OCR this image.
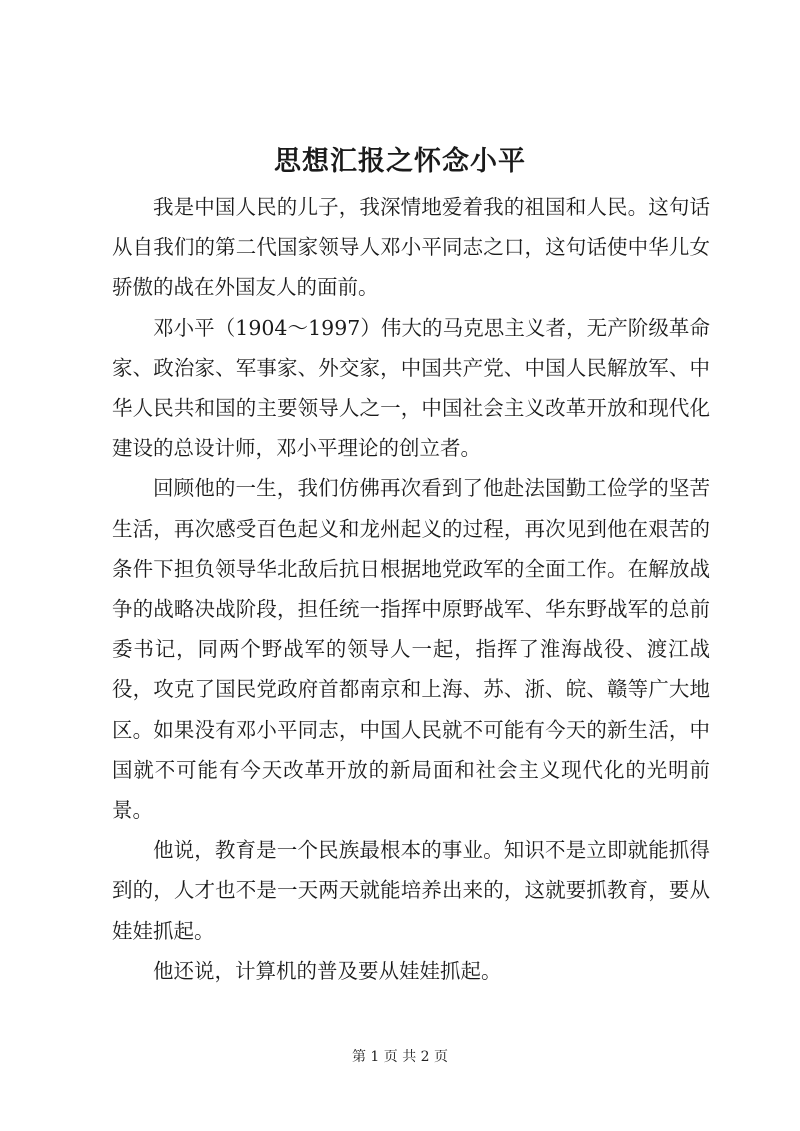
思想汇报之怀念小平

我是中国人民的儿子，我深情地爱着我的祖国和人民。这句话从自我们的第二代国家领导人邓小平同志之口，这句话使中华儿女骄傲的战在外国友人的面前。

邓小平（1904～1997）伟大的马克思主义者，无产阶级革命家、政治家、军事家、外交家，中国共产党、中国人民解放军、中华人民共和国的主要领导人之一，中国社会主义改革开放和现代化建设的总设计师，邓小平理论的创立者。

回顾他的一生，我们仿佛再次看到了他赴法国勤工俭学的坚苦生活，再次感受百色起义和龙州起义的过程，再次见到他在艰苦的条件下担负领导华北敌后抗日根据地党政军的全面工作。在解放战争的战略决战阶段，担任统一指挥中原野战军、华东野战军的总前委书记，同两个野战军的领导人一起，指挥了淮海战役、渡江战役，攻克了国民党政府首都南京和上海、苏、浙、皖、赣等广大地区。如果没有邓小平同志，中国人民就不可能有今天的新生活，中国就不可能有今天改革开放的新局面和社会主义现代化的光明前景。

他说，教育是一个民族最根本的事业。知识不是立即就能抓得到的，人才也不是一天两天就能培养出来的，这就要抓教育，要从娃娃抓起。

他还说，计算机的普及要从娃娃抓起。

第 1 页 共 2 页
